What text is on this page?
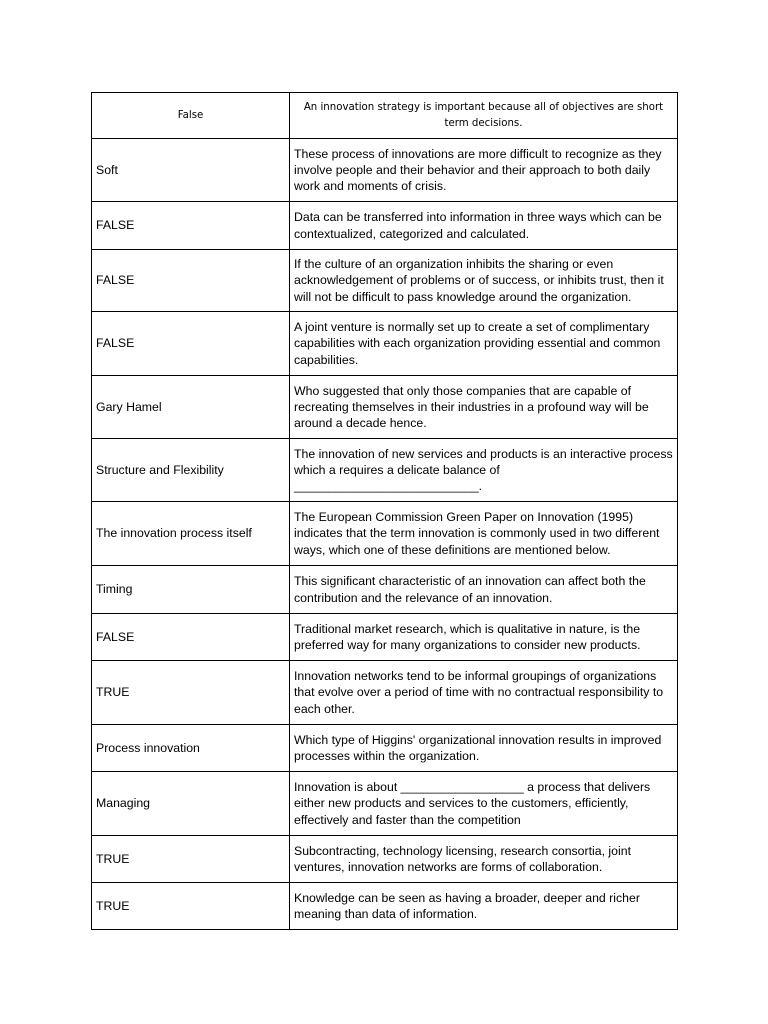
False	An innovation strategy is important because all of objectives are short term decisions.
Soft	These process of innovations are more difficult to recognize as they involve people and their behavior and their approach to both daily work and moments of crisis.
FALSE	Data can be transferred into information in three ways which can be contextualized, categorized and calculated.
FALSE	If the culture of an organization inhibits the sharing or even acknowledgement of problems or of success, or inhibits trust, then it will not be difficult to pass knowledge around the organization.
FALSE	A joint venture is normally set up to create a set of complimentary capabilities with each organization providing essential and common capabilities.
Gary Hamel	Who suggested that only those companies that are capable of recreating themselves in their industries in a profound way will be around a decade hence.
Structure and Flexibility	The innovation of new services and products is an interactive process which a requires a delicate balance of ___________________________.
The innovation process itself	The European Commission Green Paper on Innovation (1995) indicates that the term innovation is commonly used in two different ways, which one of these definitions are mentioned below.
Timing	This significant characteristic of an innovation can affect both the contribution and the relevance of an innovation.
FALSE	Traditional market research, which is qualitative in nature, is the preferred way for many organizations to consider new products.
TRUE	Innovation networks tend to be informal groupings of organizations that evolve over a period of time with no contractual responsibility to each other.
Process innovation	Which type of Higgins' organizational innovation results in improved processes within the organization.
Managing	Innovation is about __________________ a process that delivers either new products and services to the customers, efficiently, effectively and faster than the competition
TRUE	Subcontracting, technology licensing, research consortia, joint ventures, innovation networks are forms of collaboration.
TRUE	Knowledge can be seen as having a broader, deeper and richer meaning than data of information.
